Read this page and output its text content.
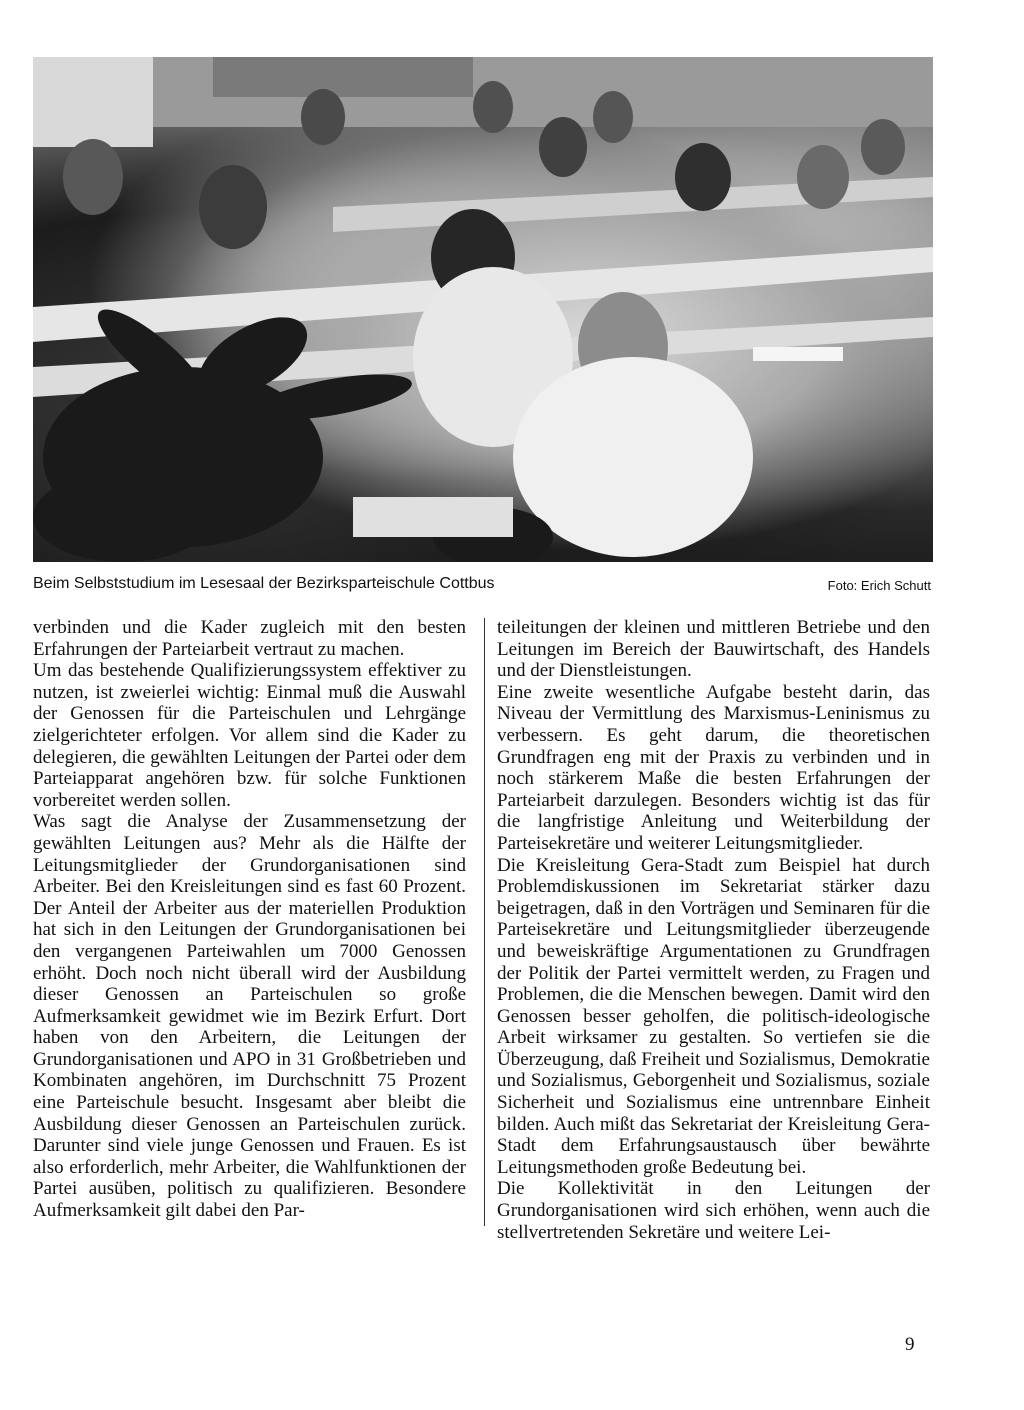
Beim Selbststudium im Lesesaal der Bezirksparteischule Cottbus	Foto: Erich Schutt

verbinden und die Kader zugleich mit den besten Erfahrungen der Parteiarbeit vertraut zu machen.

Um das bestehende Qualifizierungssystem effektiver zu nutzen, ist zweierlei wichtig: Einmal muß die Auswahl der Genossen für die Parteischulen und Lehrgänge zielgerichteter erfolgen. Vor allem sind die Kader zu delegieren, die gewählten Leitungen der Partei oder dem Parteiapparat angehören bzw. für solche Funktionen vorbereitet werden sollen.

Was sagt die Analyse der Zusammensetzung der gewählten Leitungen aus? Mehr als die Hälfte der Leitungsmitglieder der Grundorganisationen sind Arbeiter. Bei den Kreisleitungen sind es fast 60 Prozent. Der Anteil der Arbeiter aus der materiellen Produktion hat sich in den Leitungen der Grundorganisationen bei den vergangenen Parteiwahlen um 7000 Genossen erhöht. Doch noch nicht überall wird der Ausbildung dieser Genossen an Parteischulen so große Aufmerksamkeit gewidmet wie im Bezirk Erfurt. Dort haben von den Arbeitern, die Leitungen der Grundorganisationen und APO in 31 Großbetrieben und Kombinaten angehören, im Durchschnitt 75 Prozent eine Parteischule besucht. Insgesamt aber bleibt die Ausbildung dieser Genossen an Parteischulen zurück. Darunter sind viele junge Genossen und Frauen. Es ist also erforderlich, mehr Arbeiter, die Wahlfunktionen der Partei ausüben, politisch zu qualifizieren. Besondere Aufmerksamkeit gilt dabei den Par-

teileitungen der kleinen und mittleren Betriebe und den Leitungen im Bereich der Bauwirtschaft, des Handels und der Dienstleistungen.

Eine zweite wesentliche Aufgabe besteht darin, das Niveau der Vermittlung des Marxismus-Leninismus zu verbessern. Es geht darum, die theoretischen Grundfragen eng mit der Praxis zu verbinden und in noch stärkerem Maße die besten Erfahrungen der Parteiarbeit darzulegen. Besonders wichtig ist das für die langfristige Anleitung und Weiterbildung der Parteisekretäre und weiterer Leitungsmitglieder.

Die Kreisleitung Gera-Stadt zum Beispiel hat durch Problemdiskussionen im Sekretariat stärker dazu beigetragen, daß in den Vorträgen und Seminaren für die Parteisekretäre und Leitungsmitglieder überzeugende und beweiskräftige Argumentationen zu Grundfragen der Politik der Partei vermittelt werden, zu Fragen und Problemen, die die Menschen bewegen. Damit wird den Genossen besser geholfen, die politisch-ideologische Arbeit wirksamer zu gestalten. So vertiefen sie die Überzeugung, daß Freiheit und Sozialismus, Demokratie und Sozialismus, Geborgenheit und Sozialismus, soziale Sicherheit und Sozialismus eine untrennbare Einheit bilden. Auch mißt das Sekretariat der Kreisleitung Gera-Stadt dem Erfahrungsaustausch über bewährte Leitungsmethoden große Bedeutung bei.

Die Kollektivität in den Leitungen der Grundorganisationen wird sich erhöhen, wenn auch die stellvertretenden Sekretäre und weitere Lei-

9
